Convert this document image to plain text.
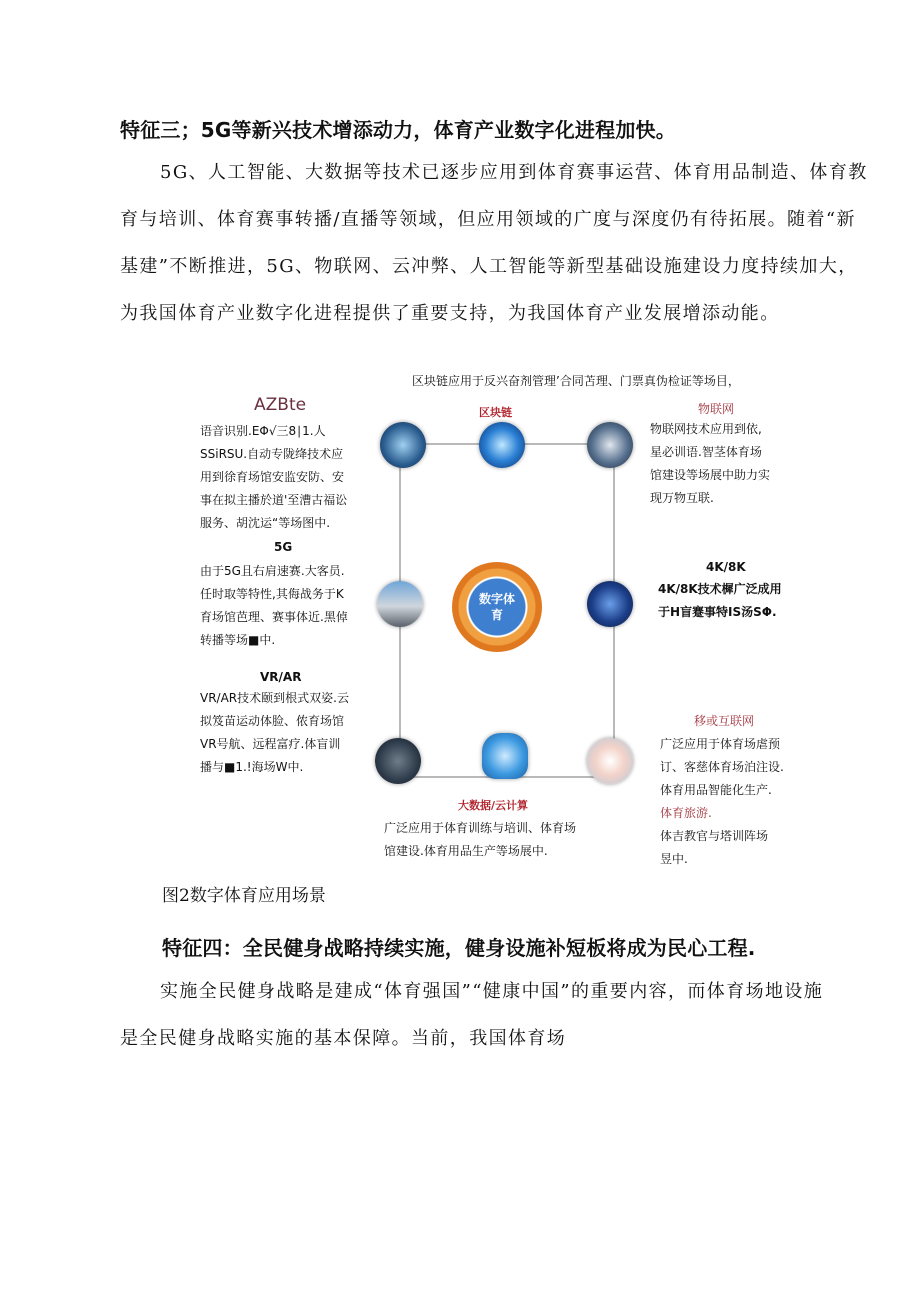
特征三；5G等新兴技术增添动力，体育产业数字化进程加快。
5G、人工智能、大数据等技术已逐步应用到体育赛事运营、体育用品制造、体育教
育与培训、体育赛事转播/直播等领域，但应用领域的广度与深度仍有待拓展。随着“新
基建”不断推进，5G、物联网、云冲弊、人工智能等新型基础设施建设力度持续加大，
为我国体育产业数字化进程提供了重要支持，为我国体育产业发展增添动能。
区块链应用于反兴奋剂管理’合同苫理、门票真伪检证等场目，
区块链
大数据/云计算
数字体育
AZBte
语音识别.EΦ√三8∣1.人
SSiRSU.自动专陇绛技术应
用到徐育场馆安监安防、安
事在拟主播於道'至漕古福讼
服务、胡沈运“等场图中.
物联网
物联网技术应用到依,
星必训语.智茎体育场
馆建设等场展中助力实
现万物互联.
5G
由于5G且右肩速赛.大客员.
任时取等特性,其侮战务于K
育场馆芭理、赛事体近.黑倬
转播等场■中.
4K/8K
4K/8K技术樨广泛成用
于H盲蹇事特IS汤SΦ.
VR/AR
VR/AR技术颐到根式双姿.云
拟笈苗运动体脸、侬育场馆
VR号航、远程富疗.体盲训
播与■1.!海场W中.
移或互联网
广泛应用于体育场虐预
订、客慈体育场泊注设.
体育用品智能化生产.
体育旅游.
体吉教官与塔训阵场
昱中.
广泛应用于体育训练与培训、体育场
馆建设.体育用品生产等场展中.
图2数字体育应用场景
特征四：全民健身战略持续实施，健身设施补短板将成为民心工程.
实施全民健身战略是建成“体育强国”“健康中国”的重要内容，而体育场地设施
是全民健身战略实施的基本保障。当前，我国体育场
